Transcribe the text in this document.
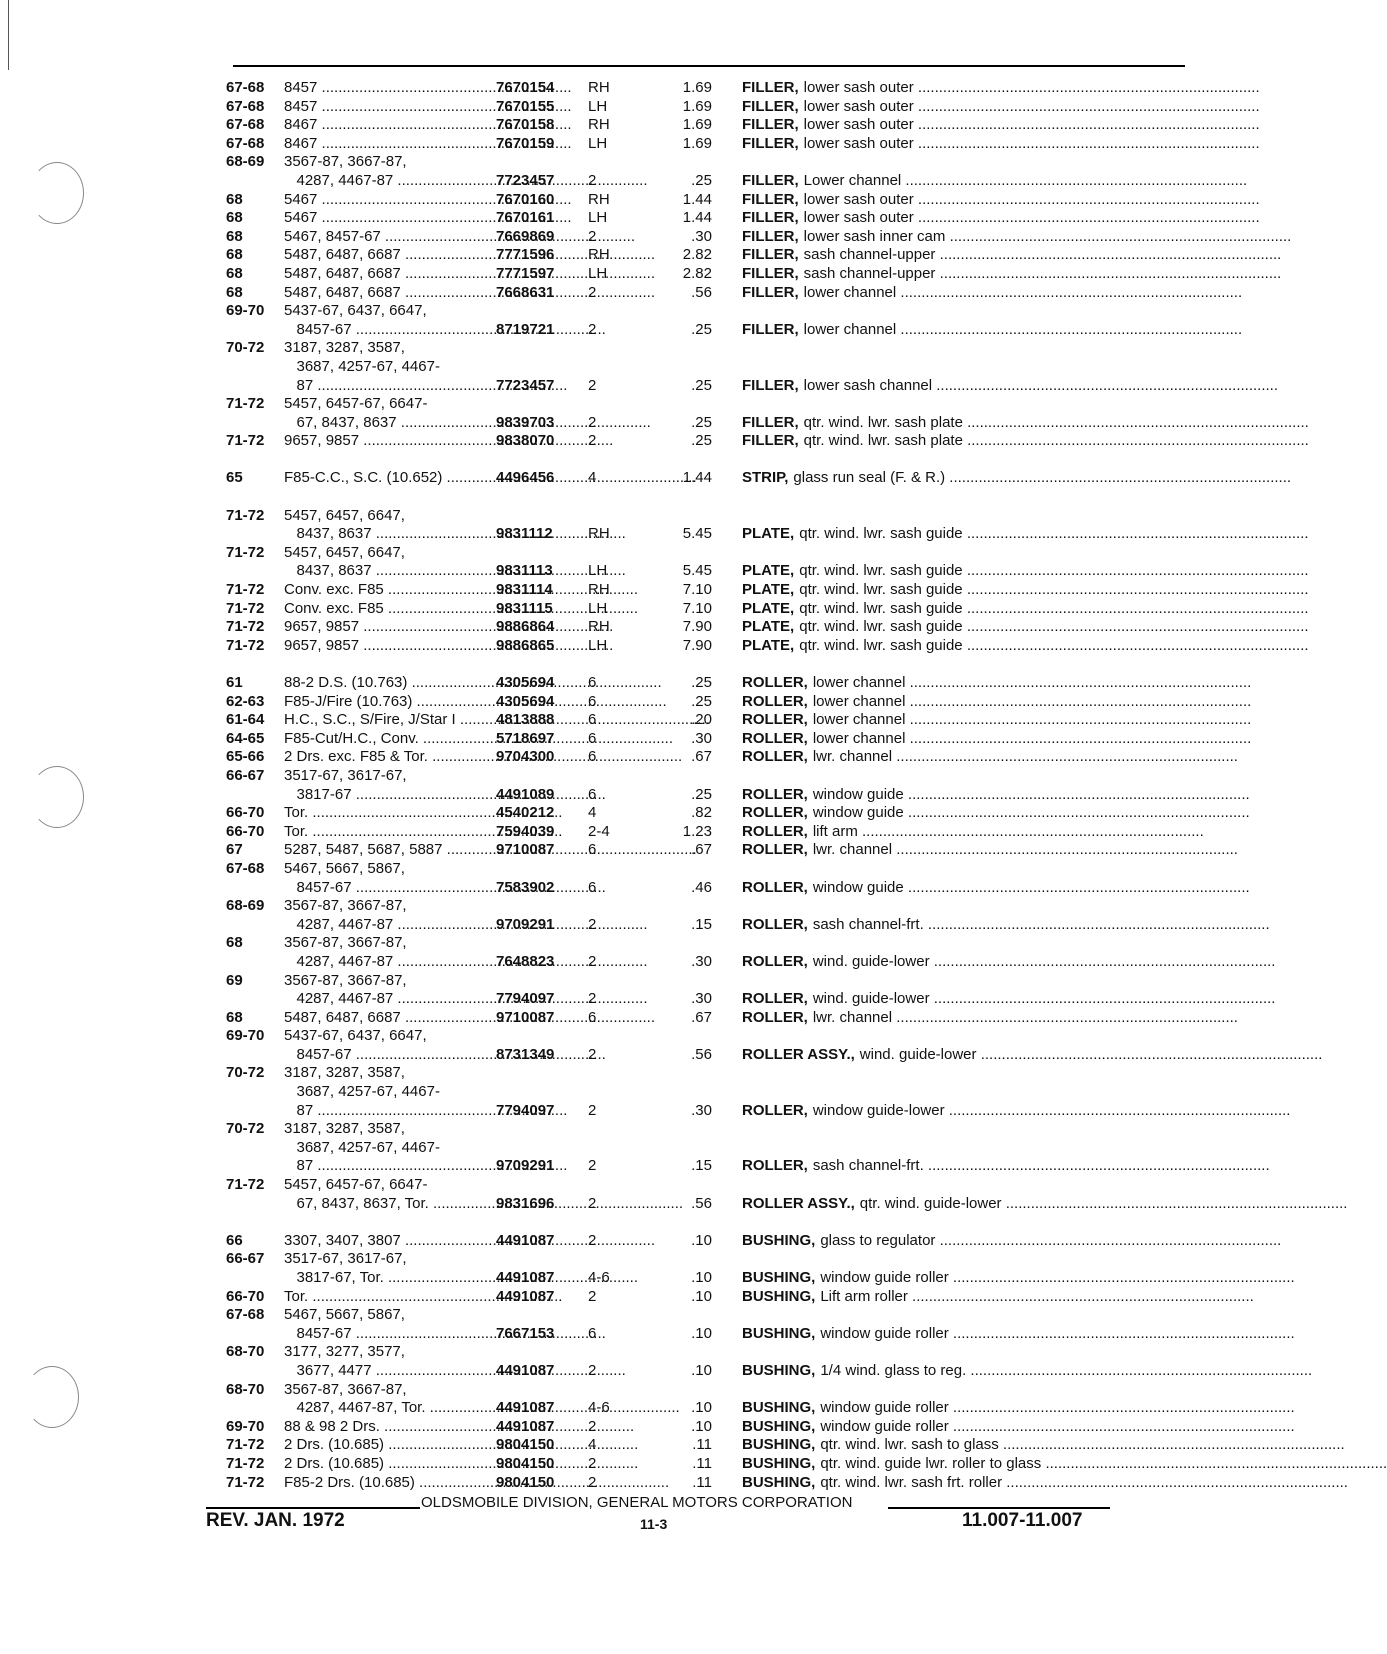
67-68	8457 .....	7670154	RH	1.69 FILLER, lower sash outer ..................................................................................
67-68	8457 .....	7670155	LH	1.69 FILLER, lower sash outer ..................................................................................
67-68	8467 .....	7670158	RH	1.69 FILLER, lower sash outer ..................................................................................
67-68	8467 .....	7670159	LH	1.69 FILLER, lower sash outer ..................................................................................
68-69	3567-87, 3667-87,
4287, 4467-87 .....	7723457	2	.25 FILLER, Lower channel ..................................................................................
68	5467 .....	7670160	RH	1.44 FILLER, lower sash outer ..................................................................................
68	5467 .....	7670161	LH	1.44 FILLER, lower sash outer ..................................................................................
68	5467, 8457-67 .....	7669869	2	.30 FILLER, lower sash inner cam ..................................................................................
68	5487, 6487, 6687 .....	7771596	RH	2.82 FILLER, sash channel-upper ..................................................................................
68	5487, 6487, 6687 .....	7771597	LH	2.82 FILLER, sash channel-upper ..................................................................................
68	5487, 6487, 6687 .....	7668631	2	.56 FILLER, lower channel ..................................................................................
69-70	5437-67, 6437, 6647,
8457-67 .....	8719721	2	.25 FILLER, lower channel ..................................................................................
70-72	3187, 3287, 3587,
3687, 4257-67, 4467-
87 .....	7723457	2	.25 FILLER, lower sash channel ..................................................................................
71-72	5457, 6457-67, 6647-
67, 8437, 8637 .....	9839703	2	.25 FILLER, qtr. wind. lwr. sash plate ..................................................................................
71-72	9657, 9857 .....	9838070	2	.25 FILLER, qtr. wind. lwr. sash plate ..................................................................................
65	F85-C.C., S.C. (10.652) .....	4496456	4	1.44 STRIP, glass run seal (F. & R.) ..................................................................................
71-72	5457, 6457, 6647,
8437, 8637 .....	9831112	RH	5.45 PLATE, qtr. wind. lwr. sash guide ..................................................................................
71-72	5457, 6457, 6647,
8437, 8637 .....	9831113	LH	5.45 PLATE, qtr. wind. lwr. sash guide ..................................................................................
71-72	Conv. exc. F85 .....	9831114	RH	7.10 PLATE, qtr. wind. lwr. sash guide ..................................................................................
71-72	Conv. exc. F85 .....	9831115	LH	7.10 PLATE, qtr. wind. lwr. sash guide ..................................................................................
71-72	9657, 9857 .....	9886864	RH	7.90 PLATE, qtr. wind. lwr. sash guide ..................................................................................
71-72	9657, 9857 .....	9886865	LH	7.90 PLATE, qtr. wind. lwr. sash guide ..................................................................................
61	88-2 D.S. (10.763) .....	4305694	6	.25 ROLLER, lower channel ..................................................................................
62-63	F85-J/Fire (10.763) .....	4305694	6	.25 ROLLER, lower channel ..................................................................................
61-64	H.C., S.C., S/Fire, J/Star I .....	4813888	6	.20 ROLLER, lower channel ..................................................................................
64-65	F85-Cut/H.C., Conv. .....	5718697	6	.30 ROLLER, lower channel ..................................................................................
65-66	2 Drs. exc. F85 & Tor. .....	9704300	6	.67 ROLLER, lwr. channel ..................................................................................
66-67	3517-67, 3617-67,
3817-67 .....	4491089	6	.25 ROLLER, window guide ..................................................................................
66-70	Tor. .....	4540212	4	.82 ROLLER, window guide ..................................................................................
66-70	Tor. .....	7594039	2-4	1.23 ROLLER, lift arm ..................................................................................
67	5287, 5487, 5687, 5887 .....	9710087	6	.67 ROLLER, lwr. channel ..................................................................................
67-68	5467, 5667, 5867,
8457-67 .....	7583902	6	.46 ROLLER, window guide ..................................................................................
68-69	3567-87, 3667-87,
4287, 4467-87 .....	9709291	2	.15 ROLLER, sash channel-frt. ..................................................................................
68	3567-87, 3667-87,
4287, 4467-87 .....	7648823	2	.30 ROLLER, wind. guide-lower ..................................................................................
69	3567-87, 3667-87,
4287, 4467-87 .....	7794097	2	.30 ROLLER, wind. guide-lower ..................................................................................
68	5487, 6487, 6687 .....	9710087	6	.67 ROLLER, lwr. channel ..................................................................................
69-70	5437-67, 6437, 6647,
8457-67 .....	8731349	2	.56 ROLLER ASSY., wind. guide-lower ..................................................................................
70-72	3187, 3287, 3587,
3687, 4257-67, 4467-
87 .....	7794097	2	.30 ROLLER, window guide-lower ..................................................................................
70-72	3187, 3287, 3587,
3687, 4257-67, 4467-
87 .....	9709291	2	.15 ROLLER, sash channel-frt. ..................................................................................
71-72	5457, 6457-67, 6647-
67, 8437, 8637, Tor. .....	9831696	2	.56 ROLLER ASSY., qtr. wind. guide-lower ..................................................................................
66	3307, 3407, 3807 .....	4491087	2	.10 BUSHING, glass to regulator ..................................................................................
66-67	3517-67, 3617-67,
3817-67, Tor. .....	4491087	4-6	.10 BUSHING, window guide roller ..................................................................................
66-70	Tor. .....	4491087	2	.10 BUSHING, Lift arm roller ..................................................................................
67-68	5467, 5667, 5867,
8457-67 .....	7667153	6	.10 BUSHING, window guide roller ..................................................................................
68-70	3177, 3277, 3577,
3677, 4477 .....	4491087	2	.10 BUSHING, 1/4 wind. glass to reg. ..................................................................................
68-70	3567-87, 3667-87,
4287, 4467-87, Tor. .....	4491087	4-6	.10 BUSHING, window guide roller ..................................................................................
69-70	88 & 98 2 Drs. .....	4491087	2	.10 BUSHING, window guide roller ..................................................................................
71-72	2 Drs. (10.685) .....	9804150	4	.11 BUSHING, qtr. wind. lwr. sash to glass ..................................................................................
71-72	2 Drs. (10.685) .....	9804150	2	.11 BUSHING, qtr. wind. guide lwr. roller to glass ..................................................................................
71-72	F85-2 Drs. (10.685) .....	9804150	2	.11 BUSHING, qtr. wind. lwr. sash frt. roller ..................................................................................
OLDSMOBILE DIVISION, GENERAL MOTORS CORPORATION
REV. JAN. 1972	11-3	11.007-11.007
